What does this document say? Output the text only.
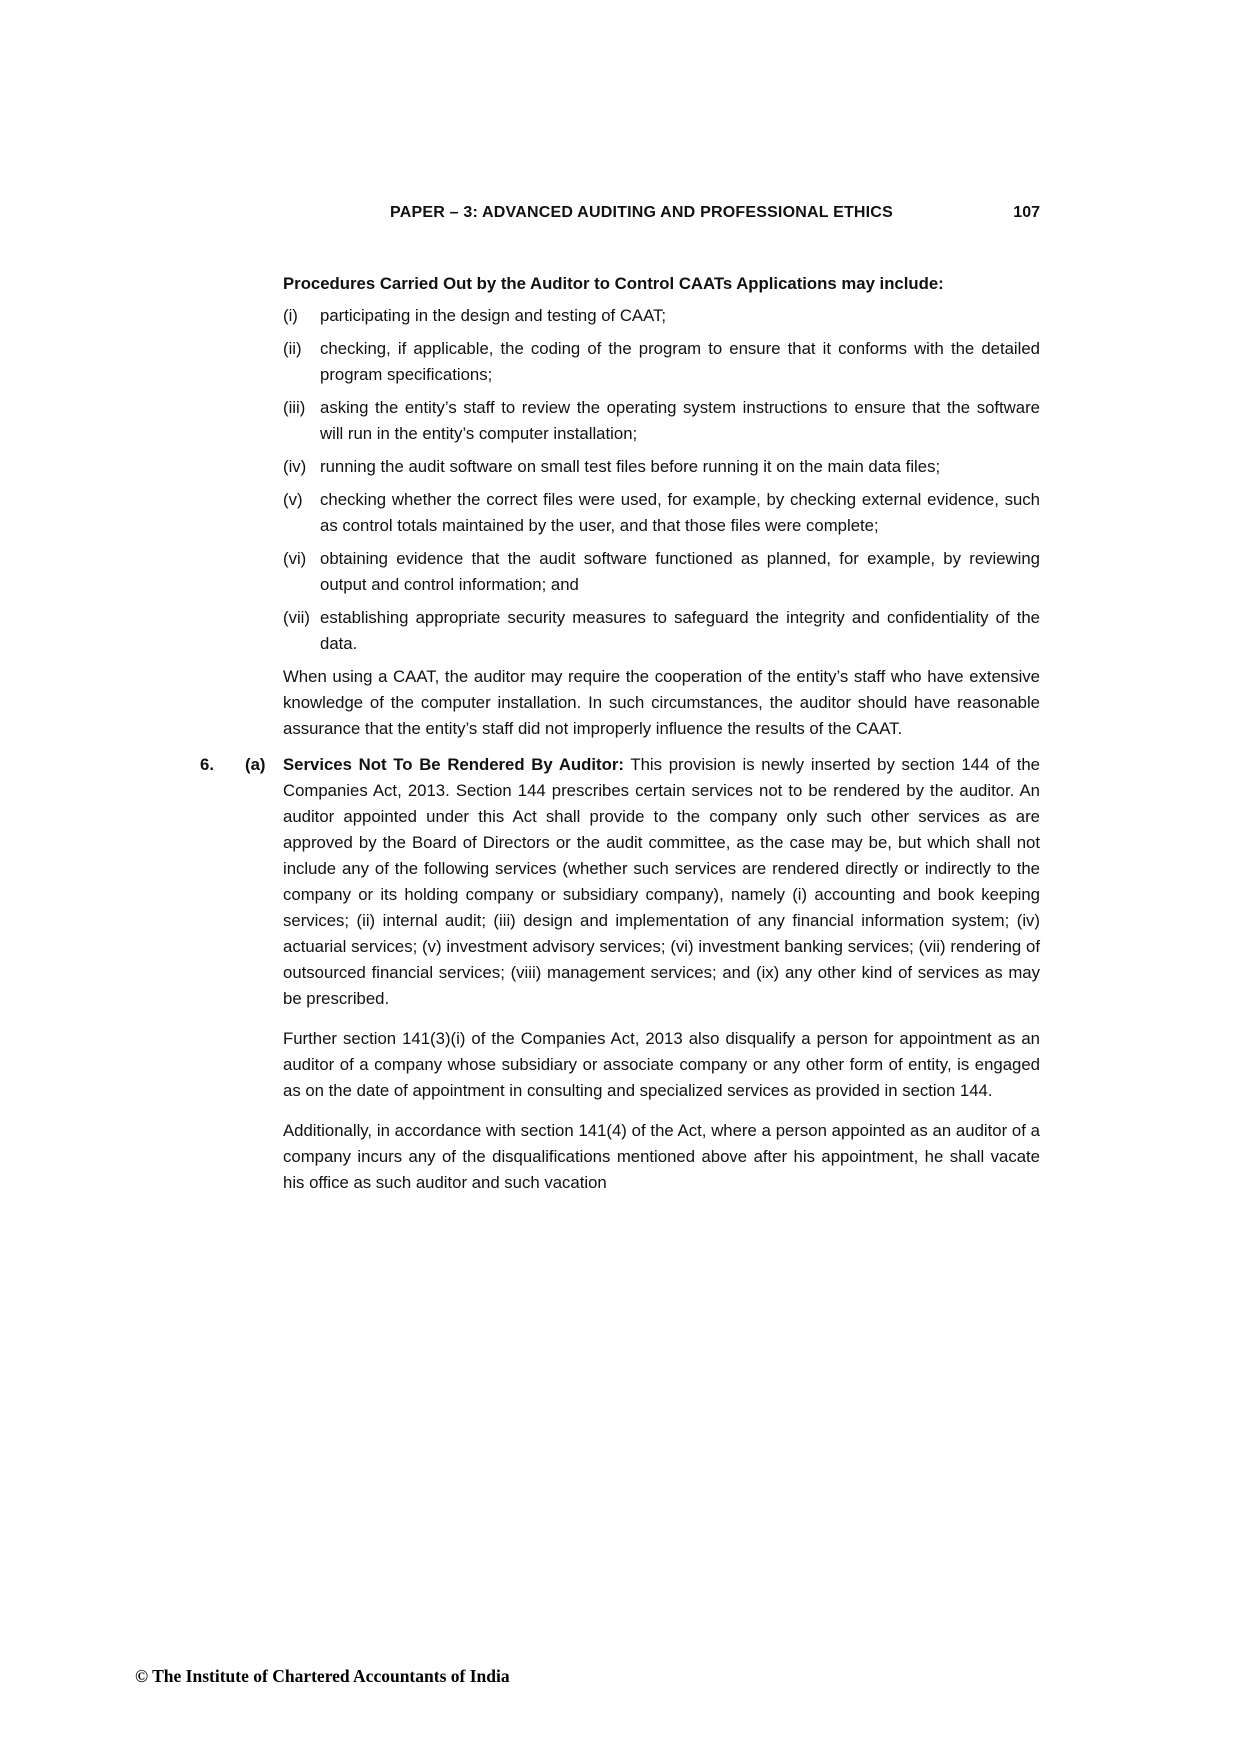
PAPER – 3: ADVANCED AUDITING AND PROFESSIONAL ETHICS	107

Procedures Carried Out by the Auditor to Control CAATs Applications may include:

(i)	participating in the design and testing of CAAT;
(ii)	checking, if applicable, the coding of the program to ensure that it conforms with the detailed program specifications;
(iii) asking the entity’s staff to review the operating system instructions to ensure that the software will run in the entity’s computer installation;
(iv) running the audit software on small test files before running it on the main data files;
(v)	checking whether the correct files were used, for example, by checking external evidence, such as control totals maintained by the user, and that those files were complete;
(vi) obtaining evidence that the audit software functioned as planned, for example, by reviewing output and control information; and
(vii) establishing appropriate security measures to safeguard the integrity and confidentiality of the data.

When using a CAAT, the auditor may require the cooperation of the entity’s staff who have extensive knowledge of the computer installation. In such circumstances, the auditor should have reasonable assurance that the entity’s staff did not improperly influence the results of the CAAT.

6.	(a)	Services Not To Be Rendered By Auditor: This provision is newly inserted by section 144 of the Companies Act, 2013. Section 144 prescribes certain services not to be rendered by the auditor. An auditor appointed under this Act shall provide to the company only such other services as are approved by the Board of Directors or the audit committee, as the case may be, but which shall not include any of the following services (whether such services are rendered directly or indirectly to the company or its holding company or subsidiary company), namely (i) accounting and book keeping services; (ii) internal audit; (iii) design and implementation of any financial information system; (iv) actuarial services; (v) investment advisory services; (vi) investment banking services; (vii) rendering of outsourced financial services; (viii) management services; and (ix) any other kind of services as may be prescribed.

Further section 141(3)(i) of the Companies Act, 2013 also disqualify a person for appointment as an auditor of a company whose subsidiary or associate company or any other form of entity, is engaged as on the date of appointment in consulting and specialized services as provided in section 144.

Additionally, in accordance with section 141(4) of the Act, where a person appointed as an auditor of a company incurs any of the disqualifications mentioned above after his appointment, he shall vacate his office as such auditor and such vacation

© The Institute of Chartered Accountants of India
